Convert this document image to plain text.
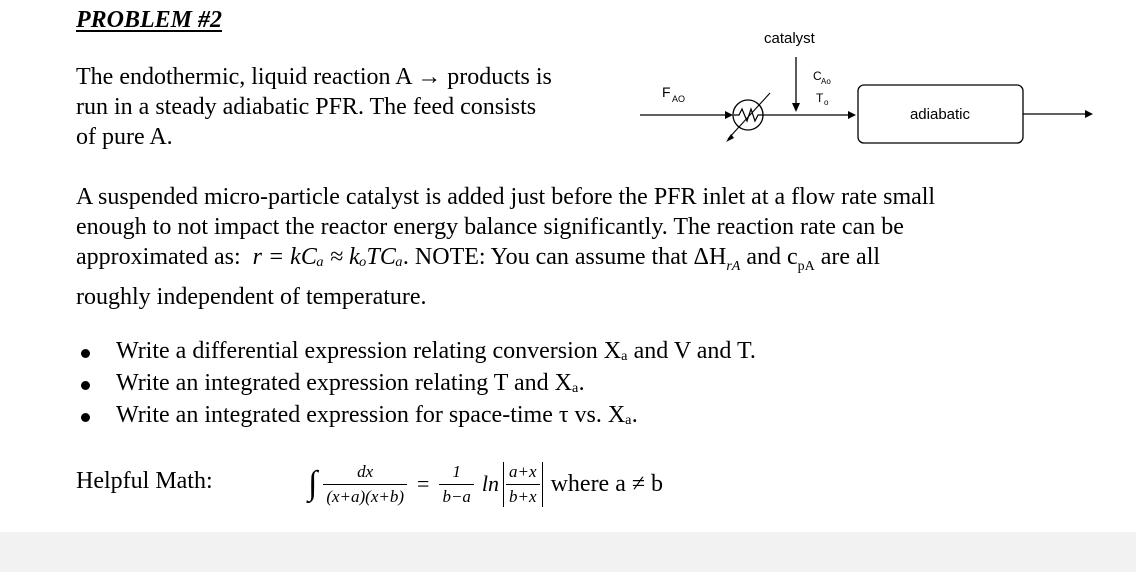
PROBLEM #2

The endothermic, liquid reaction A → products is
run in a steady adiabatic PFR. The feed consists
of pure A.

F AO
catalyst
C Ao
T o
adiabatic

A suspended micro-particle catalyst is added just before the PFR inlet at a flow rate small
enough to not impact the reactor energy balance significantly. The reaction rate can be
approximated as: r = kCₐ ≈ kₒTCₐ. NOTE: You can assume that $\Delta H_{rA}$ and $c_{pA}$ are all
roughly independent of temperature.

Write a differential expression relating conversion Xₐ and V and T.
Write an integrated expression relating T and Xₐ.
Write an integrated expression for space-time τ vs. Xₐ.
Helpful Math:	∫ $\frac{dx}{(x+a)(x+b)} = \frac{1}{b-a}$ $\ln \frac{a+x}{b+x}$ where a ≠ b
